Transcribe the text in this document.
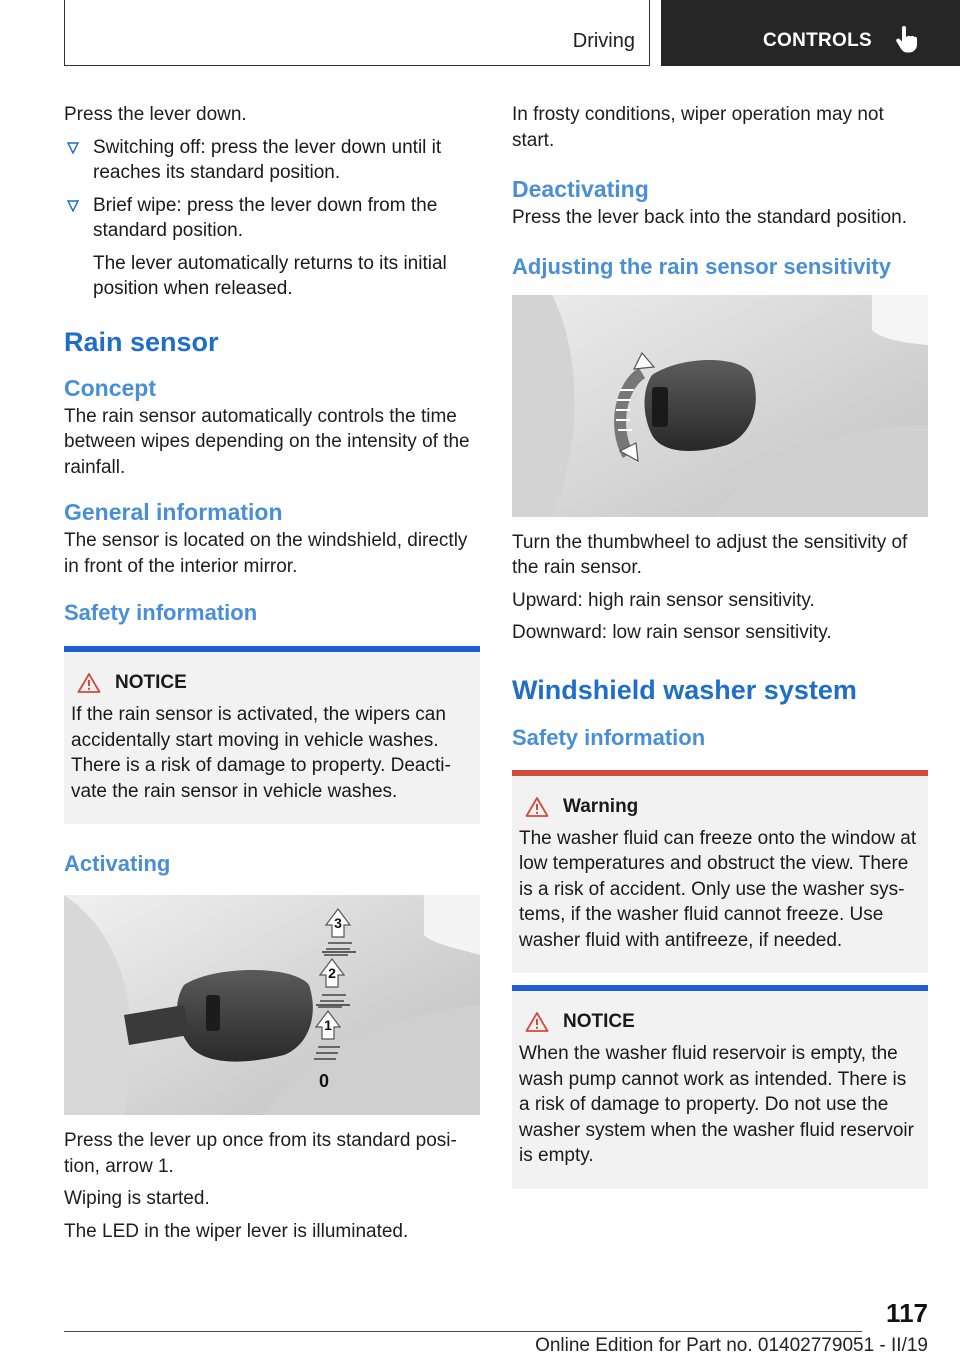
Driving	CONTROLS

Press the lever down.

Switching off: press the lever down until it reaches its standard position.
Brief wipe: press the lever down from the standard position.

The lever automatically returns to its initial position when released.

Rain sensor
Concept

The rain sensor automatically controls the time between wipes depending on the intensity of the rainfall.

General information

The sensor is located on the windshield, directly in front of the interior mirror.

Safety information
NOTICE

If the rain sensor is activated, the wipers can accidentally start moving in vehicle washes. There is a risk of damage to property. Deactivate the rain sensor in vehicle washes.

Activating
3
2
1
0

Press the lever up once from its standard position, arrow 1.

Wiping is started.

The LED in the wiper lever is illuminated.

In frosty conditions, wiper operation may not start.

Deactivating

Press the lever back into the standard position.

Adjusting the rain sensor sensitivity

Turn the thumbwheel to adjust the sensitivity of the rain sensor.

Upward: high rain sensor sensitivity.

Downward: low rain sensor sensitivity.

Windshield washer system
Safety information
Warning

The washer fluid can freeze onto the window at low temperatures and obstruct the view. There is a risk of accident. Only use the washer systems, if the washer fluid cannot freeze. Use washer fluid with antifreeze, if needed.

NOTICE

When the washer fluid reservoir is empty, the wash pump cannot work as intended. There is a risk of damage to property. Do not use the washer system when the washer fluid reservoir is empty.

117
Online Edition for Part no. 01402779051 - II/19
